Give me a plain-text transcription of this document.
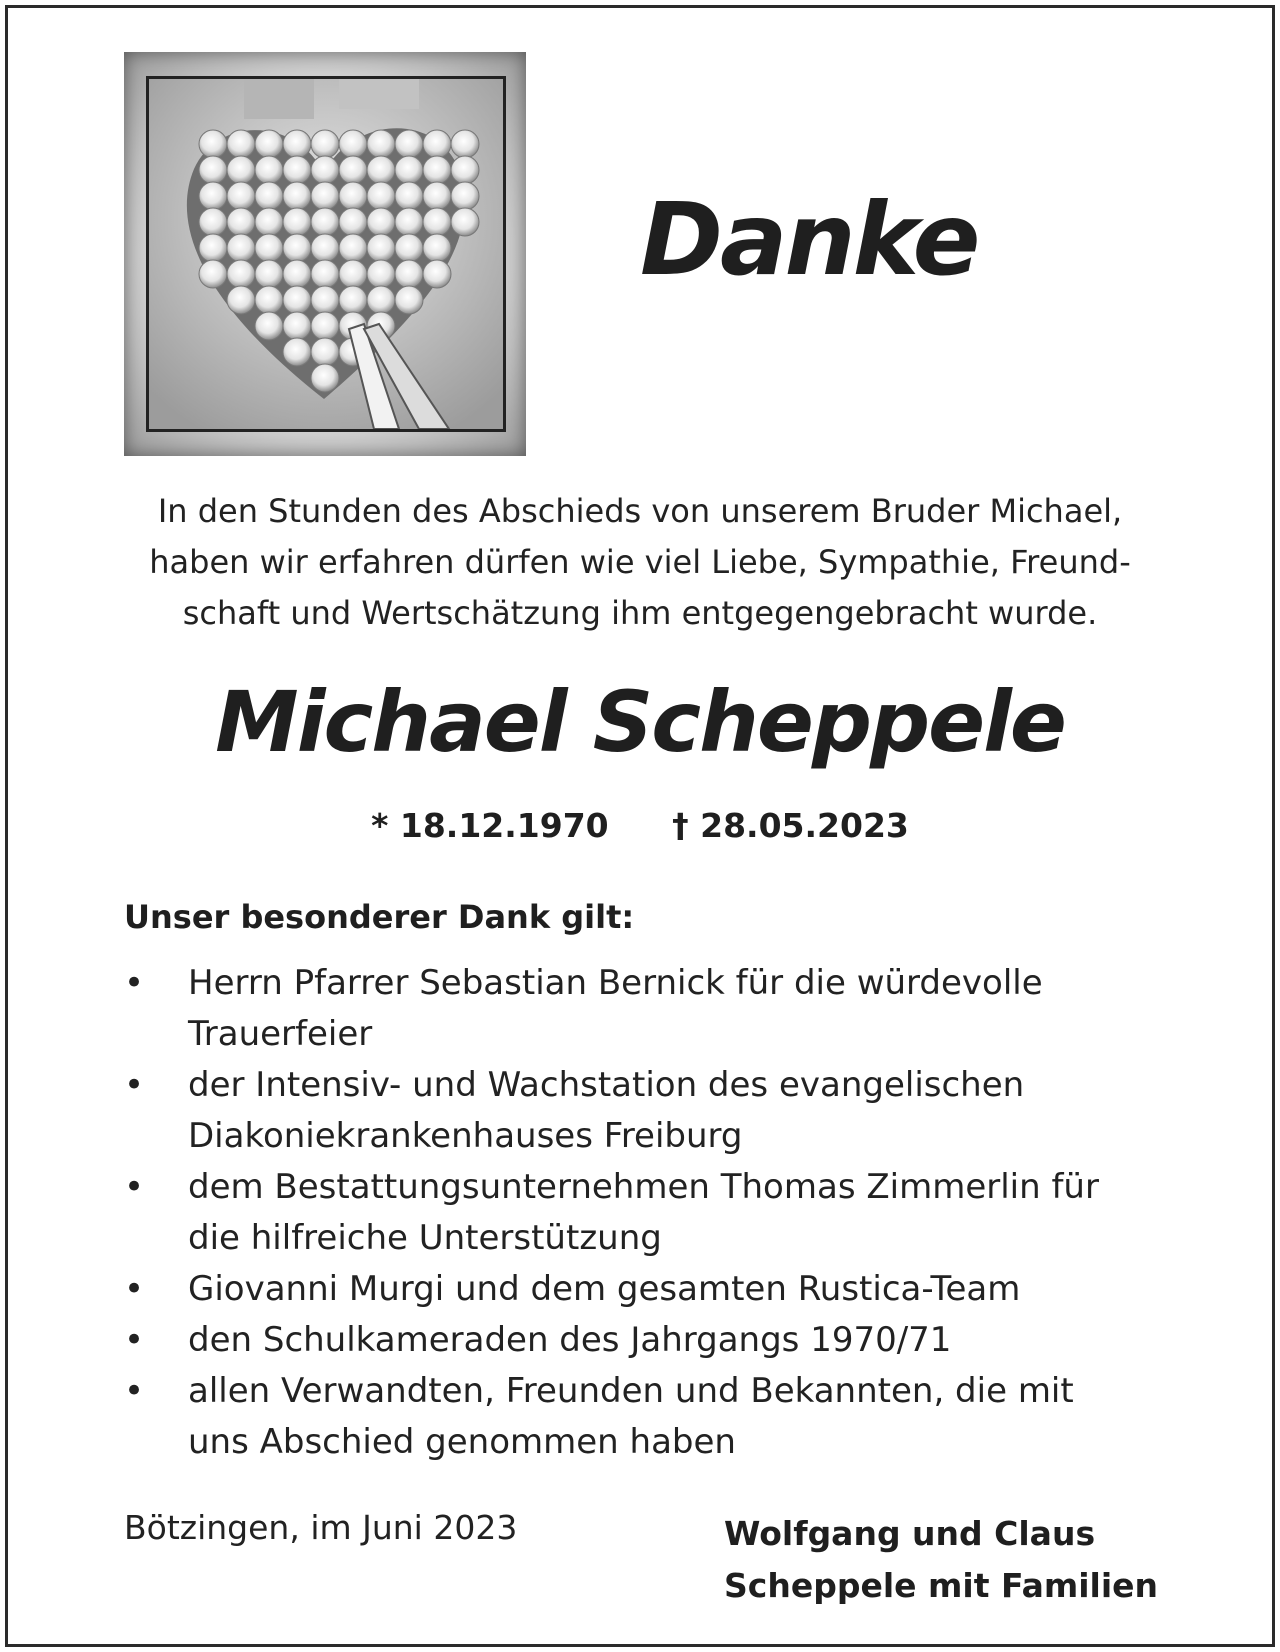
Danke
In den Stunden des Abschieds von unserem Bruder Michael,
haben wir erfahren dürfen wie viel Liebe, Sympathie, Freund-
schaft und Wertschätzung ihm entgegengebracht wurde.
Michael Scheppele
* 18.12.1970 † 28.05.2023
Unser besonderer Dank gilt:
• Herrn Pfarrer Sebastian Bernick für die würdevolle
Trauerfeier
• der Intensiv- und Wachstation des evangelischen
Diakoniekrankenhauses Freiburg
• dem Bestattungsunternehmen Thomas Zimmerlin für
die hilfreiche Unterstützung
• Giovanni Murgi und dem gesamten Rustica-Team
• den Schulkameraden des Jahrgangs 1970/71
• allen Verwandten, Freunden und Bekannten, die mit
uns Abschied genommen haben
Bötzingen, im Juni 2023	Wolfgang und Claus
Scheppele mit Familien
